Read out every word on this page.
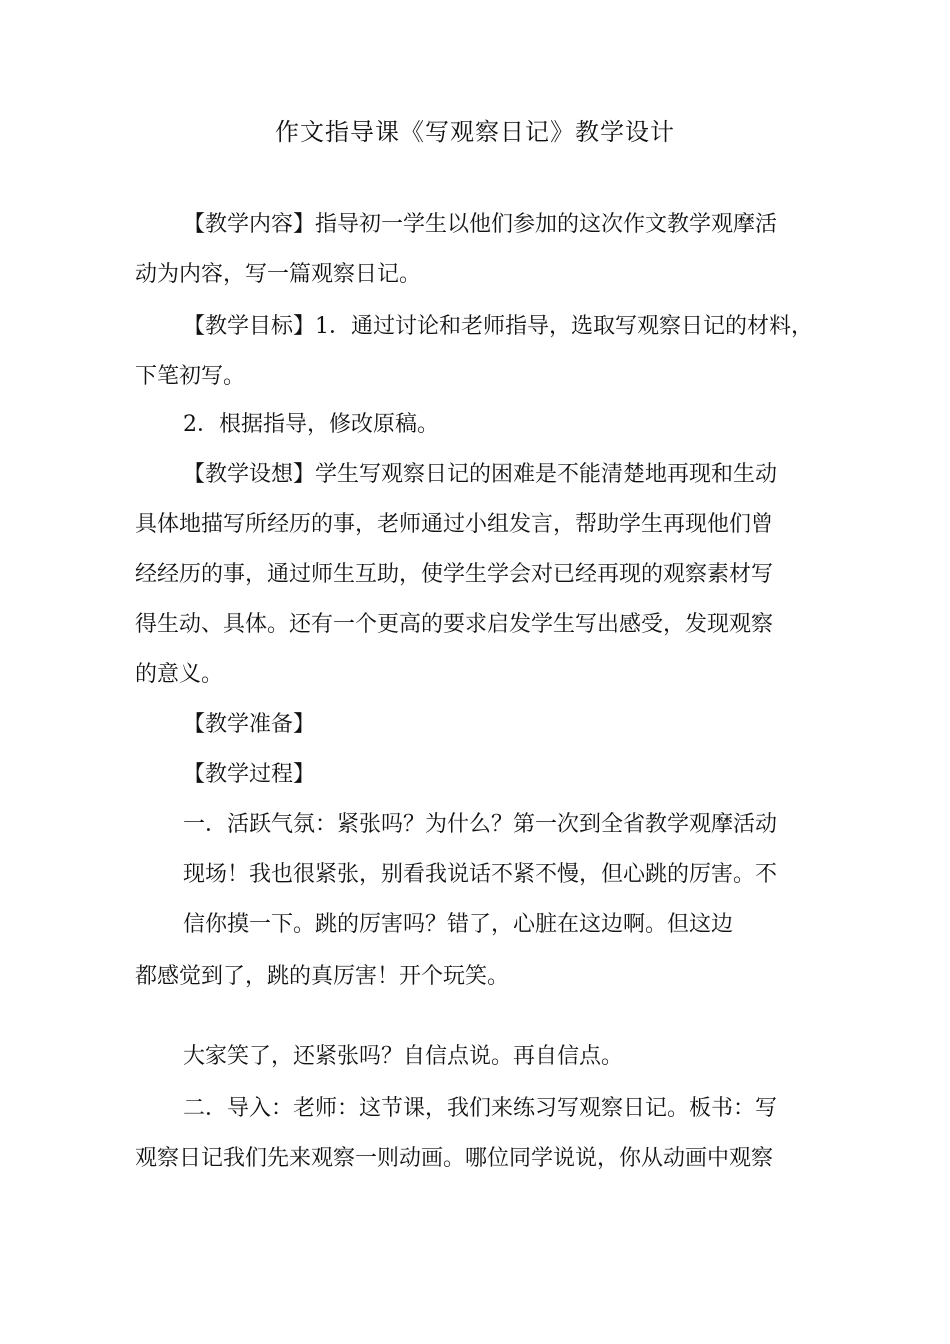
作文指导课《写观察日记》教学设计
【教学内容】指导初一学生以他们参加的这次作文教学观摩活
动为内容，写一篇观察日记。
【教学目标】1．通过讨论和老师指导，选取写观察日记的材料，
下笔初写。
2．根据指导，修改原稿。
【教学设想】学生写观察日记的困难是不能清楚地再现和生动
具体地描写所经历的事，老师通过小组发言，帮助学生再现他们曾
经经历的事，通过师生互助，使学生学会对已经再现的观察素材写
得生动、具体。还有一个更高的要求启发学生写出感受，发现观察
的意义。
【教学准备】
【教学过程】
一．活跃气氛：紧张吗？为什么？第一次到全省教学观摩活动
现场！我也很紧张，别看我说话不紧不慢，但心跳的厉害。不
信你摸一下。跳的厉害吗？错了，心脏在这边啊。但这边
都感觉到了，跳的真厉害！开个玩笑。
大家笑了，还紧张吗？自信点说。再自信点。
二．导入：老师：这节课，我们来练习写观察日记。板书：写
观察日记我们先来观察一则动画。哪位同学说说，你从动画中观察
